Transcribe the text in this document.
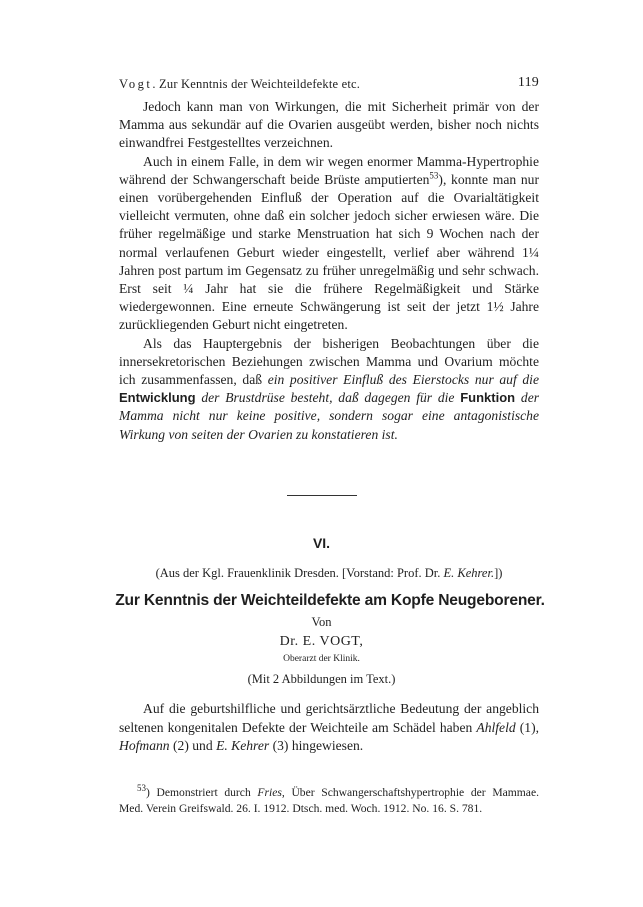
Vogt. Zur Kenntnis der Weichteildefekte etc.	119

Jedoch kann man von Wirkungen, die mit Sicherheit primär von der Mamma aus sekundär auf die Ovarien ausgeübt werden, bisher noch nichts einwandfrei Festgestelltes verzeichnen.

Auch in einem Falle, in dem wir wegen enormer Mamma-Hypertrophie während der Schwangerschaft beide Brüste amputierten$^{53}$), konnte man nur einen vorübergehenden Einfluß der Operation auf die Ovarialtätigkeit vielleicht vermuten, ohne daß ein solcher jedoch sicher erwiesen wäre. Die früher regelmäßige und starke Menstruation hat sich 9 Wochen nach der normal verlaufenen Geburt wieder eingestellt, verlief aber während 1¼ Jahren post partum im Gegensatz zu früher unregelmäßig und sehr schwach. Erst seit ¼ Jahr hat sie die frühere Regelmäßigkeit und Stärke wiedergewonnen. Eine erneute Schwängerung ist seit der jetzt 1½ Jahre zurückliegenden Geburt nicht eingetreten.

Als das Hauptergebnis der bisherigen Beobachtungen über die innersekretorischen Beziehungen zwischen Mamma und Ovarium möchte ich zusammenfassen, daß ein positiver Einfluß des Eierstocks nur auf die Entwicklung der Brustdrüse besteht, daß dagegen für die Funktion der Mamma nicht nur keine positive, sondern sogar eine antagonistische Wirkung von seiten der Ovarien zu konstatieren ist.

VI.
(Aus der Kgl. Frauenklinik Dresden. [Vorstand: Prof. Dr. E. Kehrer.])
Zur Kenntnis der Weichteildefekte am Kopfe Neugeborener.
Von
Dr. E. VOGT,
Oberarzt der Klinik.
(Mit 2 Abbildungen im Text.)

Auf die geburtshilfliche und gerichtsärztliche Bedeutung der angeblich seltenen kongenitalen Defekte der Weichteile am Schädel haben Ahlfeld (1), Hofmann (2) und E. Kehrer (3) hingewiesen.

$^{53}$) Demonstriert durch Fries, Über Schwangerschaftshypertrophie der Mammae. Med. Verein Greifswald. 26. I. 1912. Dtsch. med. Woch. 1912. No. 16. S. 781.
